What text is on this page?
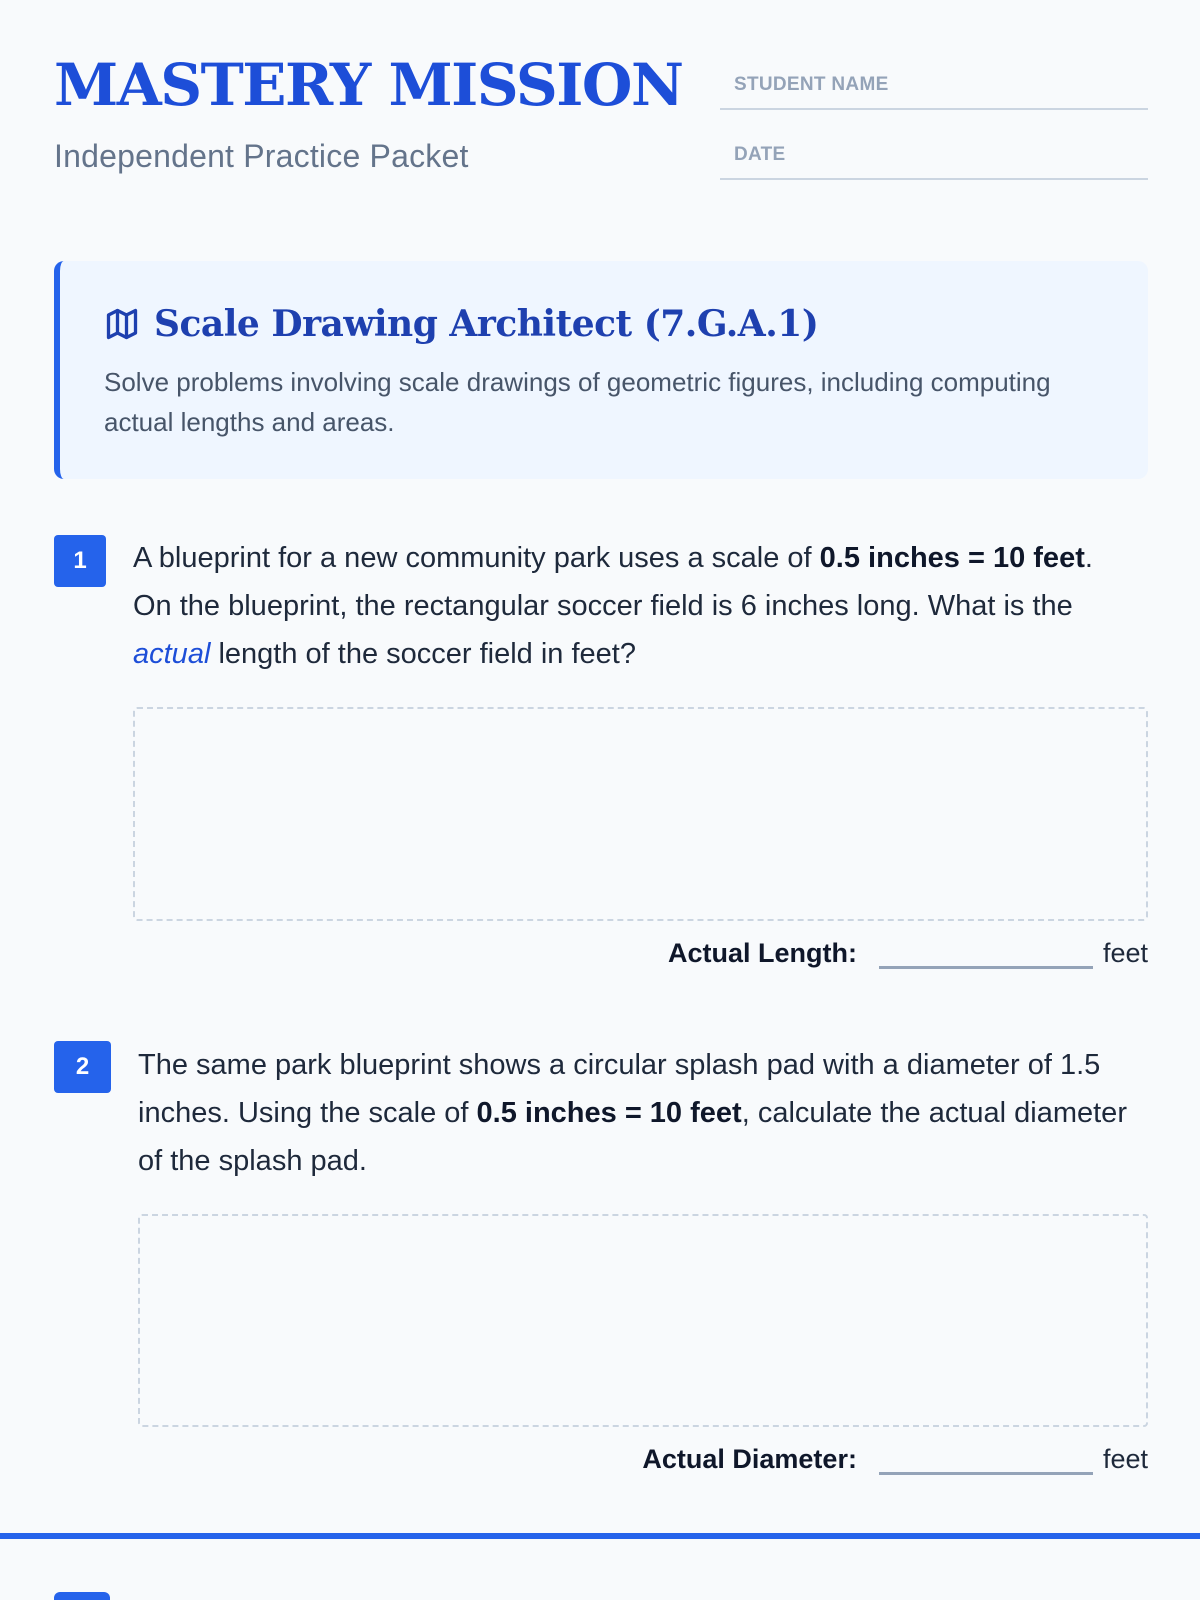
MASTERY MISSION
Independent Practice Packet
STUDENT NAME
DATE
Scale Drawing Architect (7.G.A.1)
Solve problems involving scale drawings of geometric figures, including computing actual lengths and areas.
1	A blueprint for a new community park uses a scale of 0.5 inches = 10 feet. On the blueprint, the rectangular soccer field is 6 inches long. What is the actual length of the soccer field in feet?
Actual Length:	feet
2	The same park blueprint shows a circular splash pad with a diameter of 1.5 inches. Using the scale of 0.5 inches = 10 feet, calculate the actual diameter of the splash pad.
Actual Diameter:	feet
